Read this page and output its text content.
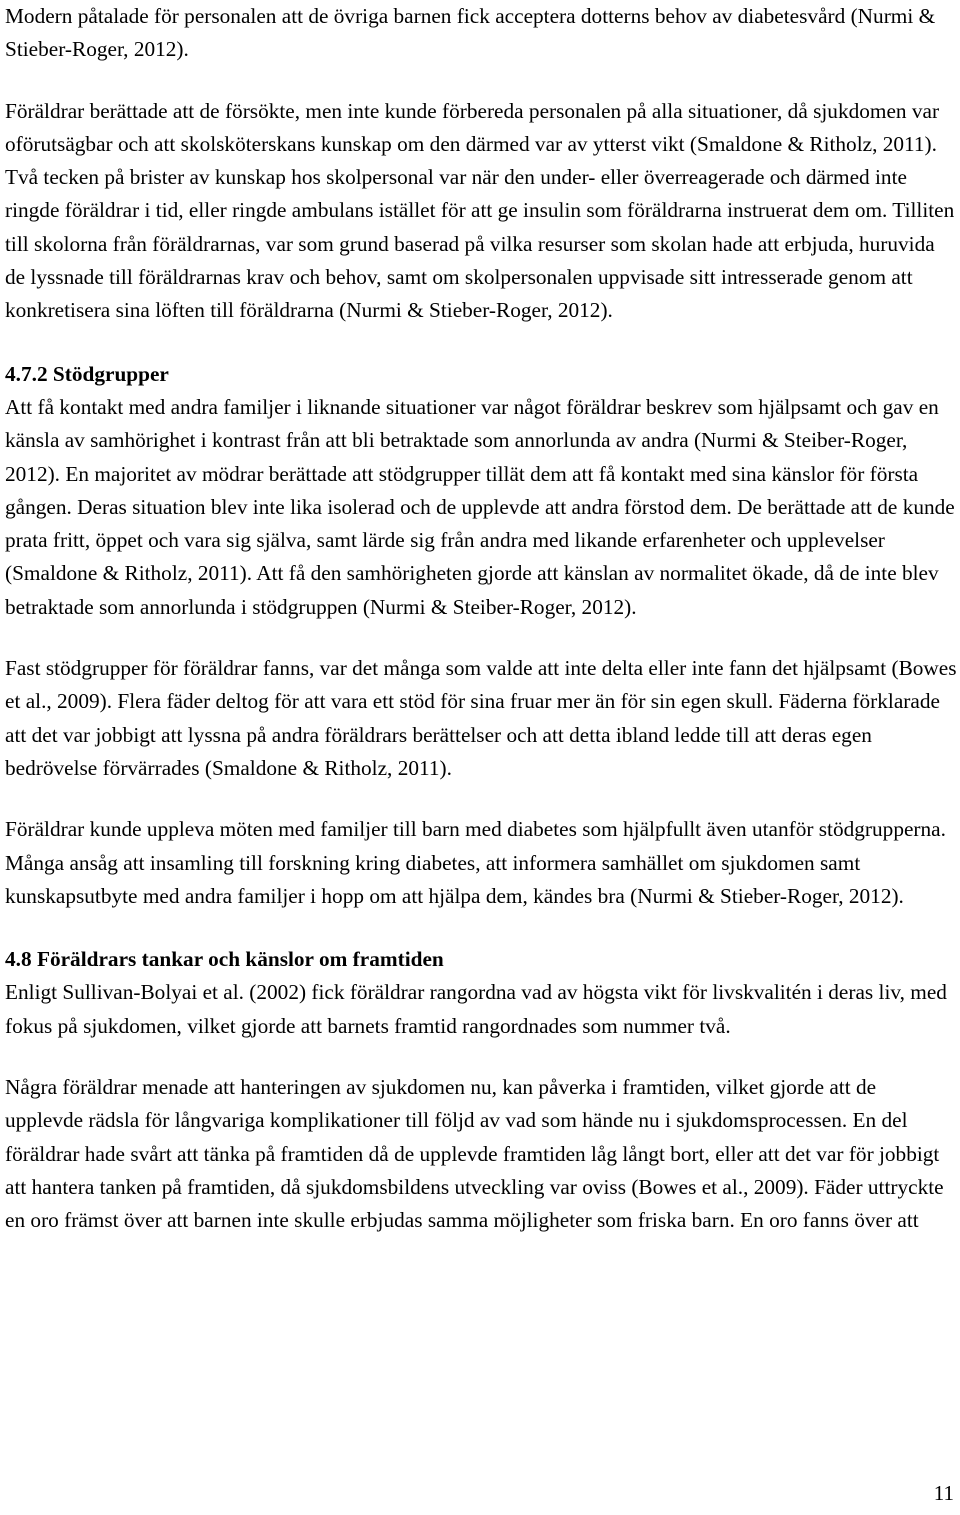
Modern påtalade för personalen att de övriga barnen fick acceptera dotterns behov av diabetesvård (Nurmi & Stieber-Roger, 2012).

Föräldrar berättade att de försökte, men inte kunde förbereda personalen på alla situationer, då sjukdomen var oförutsägbar och att skolsköterskans kunskap om den därmed var av ytterst vikt (Smaldone & Ritholz, 2011). Två tecken på brister av kunskap hos skolpersonal var när den under- eller överreagerade och därmed inte ringde föräldrar i tid, eller ringde ambulans istället för att ge insulin som föräldrarna instruerat dem om. Tilliten till skolorna från föräldrarnas, var som grund baserad på vilka resurser som skolan hade att erbjuda, huruvida de lyssnade till föräldrarnas krav och behov, samt om skolpersonalen uppvisade sitt intresserade genom att konkretisera sina löften till föräldrarna (Nurmi & Stieber-Roger, 2012).

4.7.2 Stödgrupper

Att få kontakt med andra familjer i liknande situationer var något föräldrar beskrev som hjälpsamt och gav en känsla av samhörighet i kontrast från att bli betraktade som annorlunda av andra (Nurmi & Steiber-Roger, 2012). En majoritet av mödrar berättade att stödgrupper tillät dem att få kontakt med sina känslor för första gången. Deras situation blev inte lika isolerad och de upplevde att andra förstod dem. De berättade att de kunde prata fritt, öppet och vara sig själva, samt lärde sig från andra med likande erfarenheter och upplevelser (Smaldone & Ritholz, 2011). Att få den samhörigheten gjorde att känslan av normalitet ökade, då de inte blev betraktade som annorlunda i stödgruppen (Nurmi & Steiber-Roger, 2012).

Fast stödgrupper för föräldrar fanns, var det många som valde att inte delta eller inte fann det hjälpsamt (Bowes et al., 2009). Flera fäder deltog för att vara ett stöd för sina fruar mer än för sin egen skull. Fäderna förklarade att det var jobbigt att lyssna på andra föräldrars berättelser och att detta ibland ledde till att deras egen bedrövelse förvärrades (Smaldone & Ritholz, 2011).

Föräldrar kunde uppleva möten med familjer till barn med diabetes som hjälpfullt även utanför stödgrupperna. Många ansåg att insamling till forskning kring diabetes, att informera samhället om sjukdomen samt kunskapsutbyte med andra familjer i hopp om att hjälpa dem, kändes bra (Nurmi & Stieber-Roger, 2012).

4.8 Föräldrars tankar och känslor om framtiden

Enligt Sullivan-Bolyai et al. (2002) fick föräldrar rangordna vad av högsta vikt för livskvalitén i deras liv, med fokus på sjukdomen, vilket gjorde att barnets framtid rangordnades som nummer två.

Några föräldrar menade att hanteringen av sjukdomen nu, kan påverka i framtiden, vilket gjorde att de upplevde rädsla för långvariga komplikationer till följd av vad som hände nu i sjukdomsprocessen. En del föräldrar hade svårt att tänka på framtiden då de upplevde framtiden låg långt bort, eller att det var för jobbigt att hantera tanken på framtiden, då sjukdomsbildens utveckling var oviss (Bowes et al., 2009). Fäder uttryckte en oro främst över att barnen inte skulle erbjudas samma möjligheter som friska barn. En oro fanns över att

11
